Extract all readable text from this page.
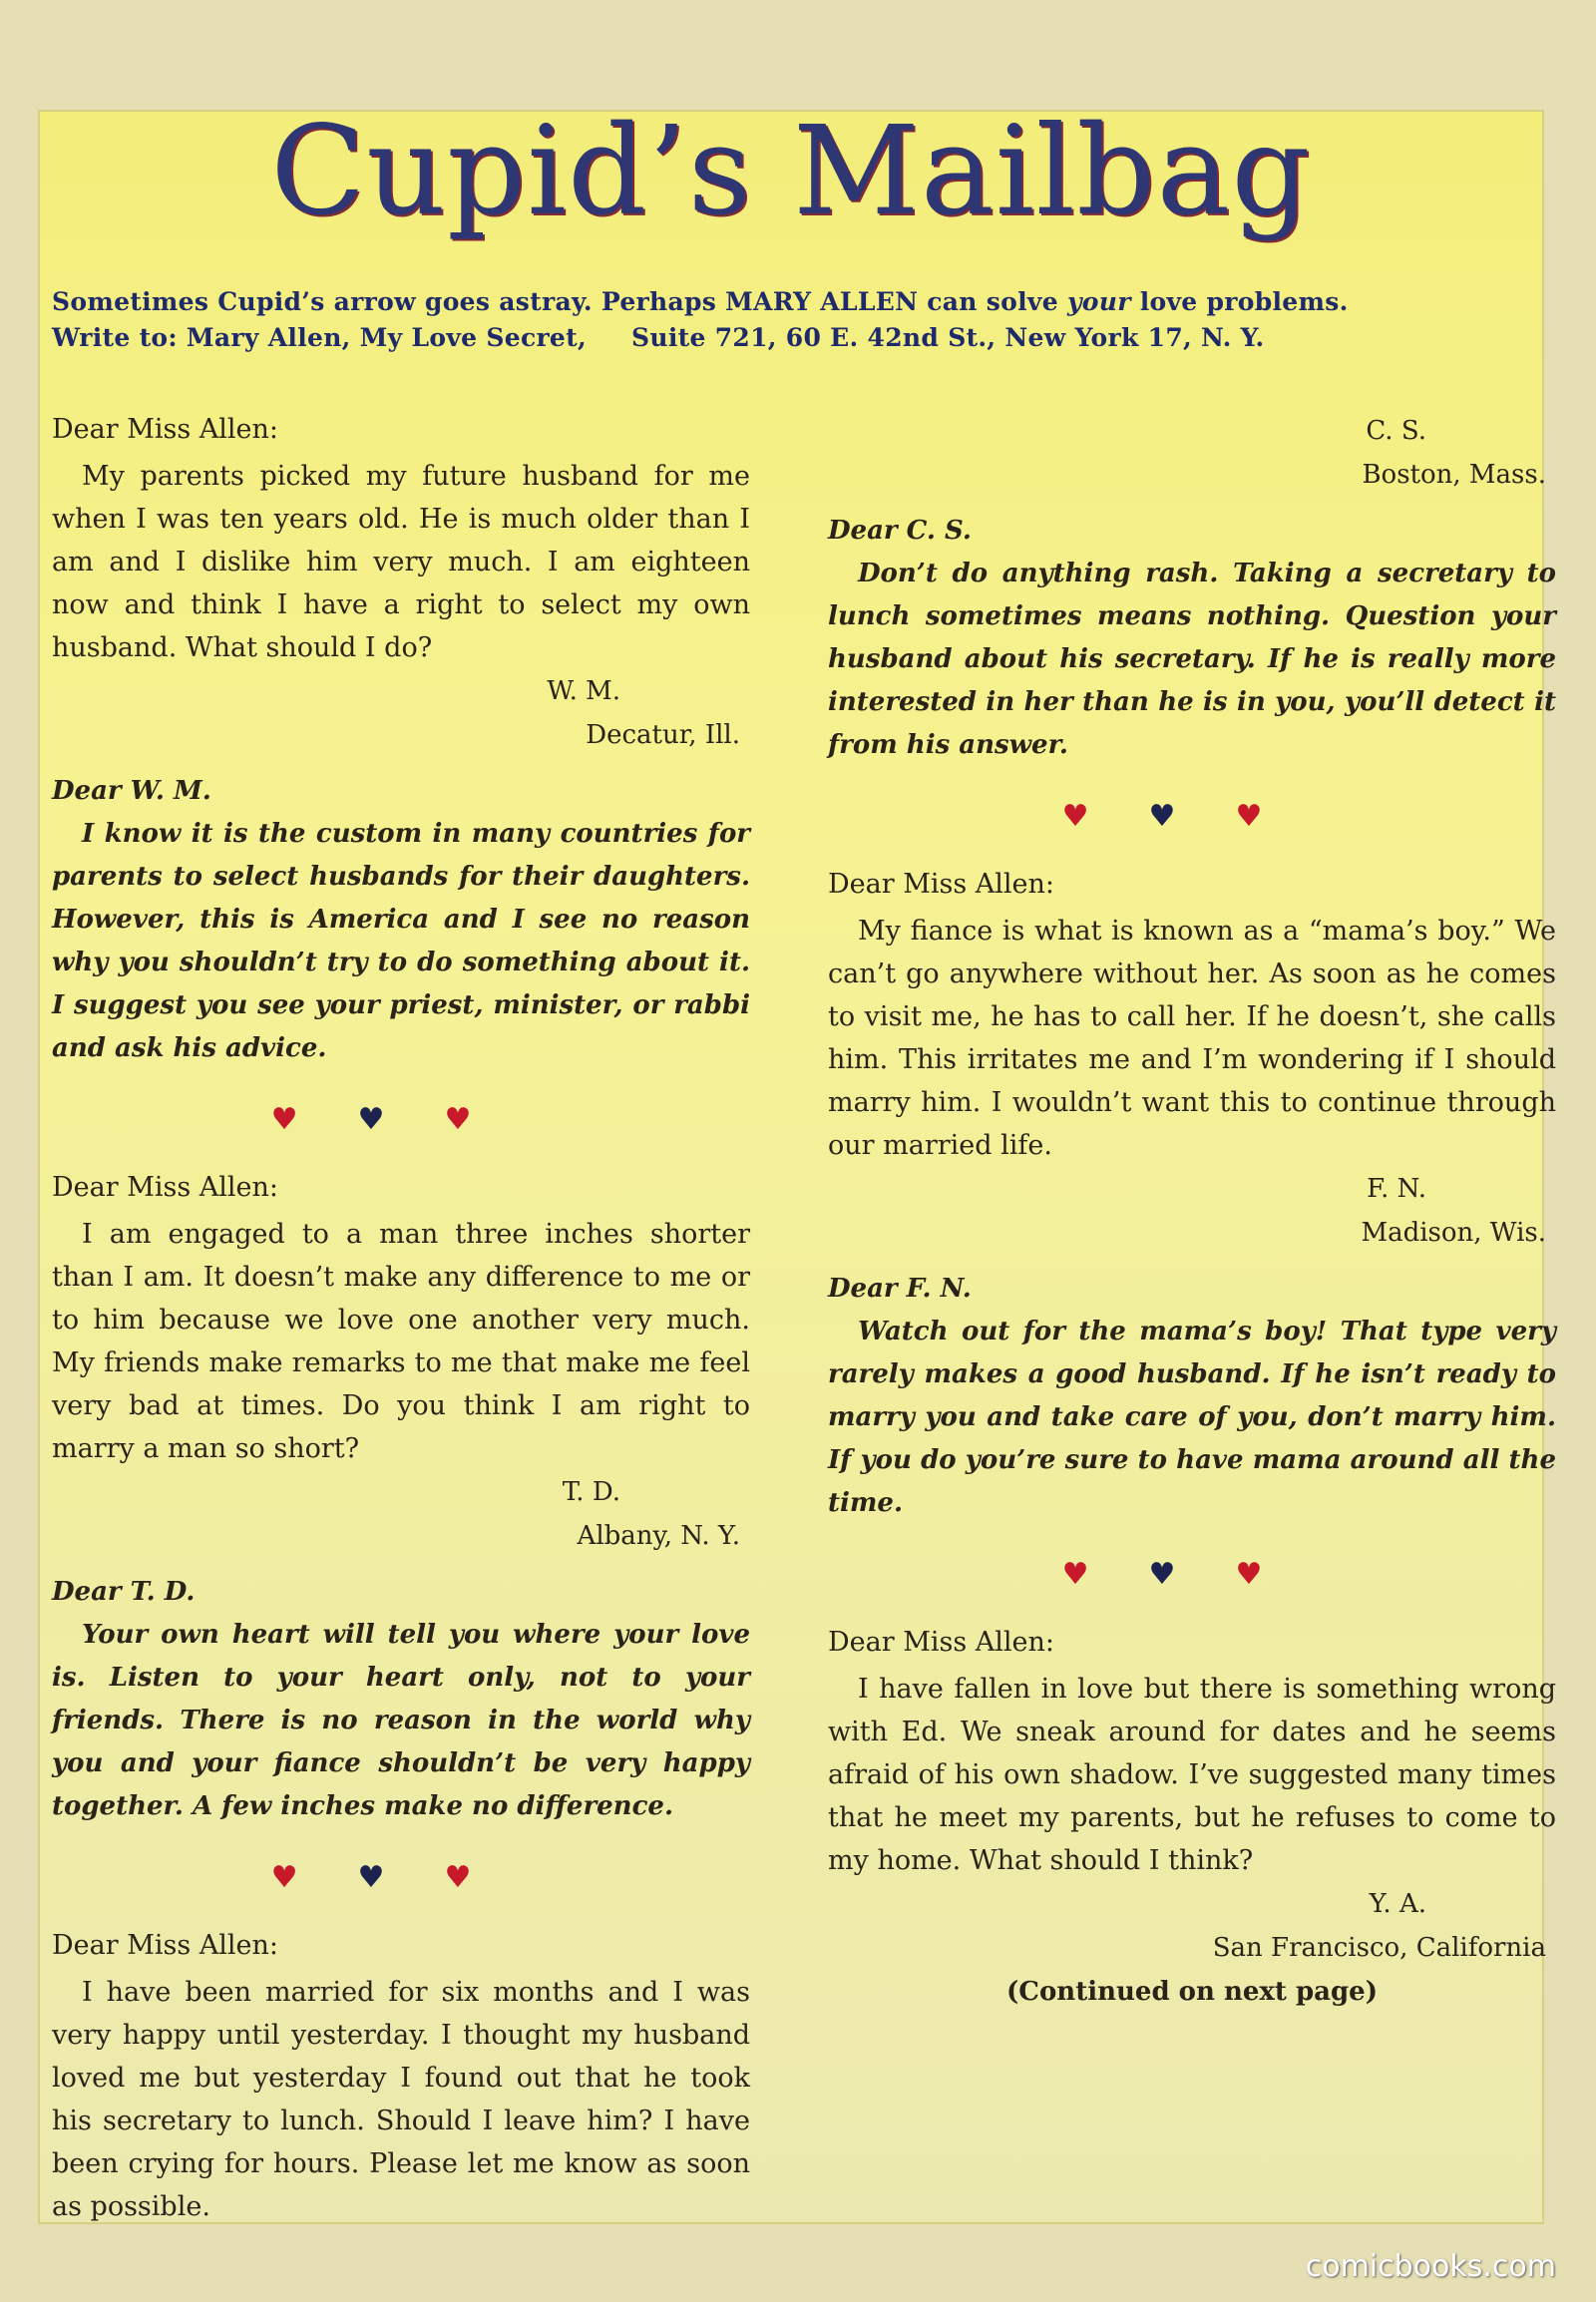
Cupid’s Mailbag
Sometimes Cupid’s arrow goes astray. Perhaps MARY ALLEN can solve your love problems.
Write to: Mary Allen, My Love Secret,     Suite 721, 60 E. 42nd St., New York 17, N. Y.
Dear Miss Allen:

My parents picked my future husband for me when I was ten years old. He is much older than I am and I dislike him very much. I am eighteen now and think I have a right to select my own husband. What should I do?

W. M.
Decatur, Ill.
Dear W. M.

I know it is the custom in many countries for parents to select husbands for their daughters. However, this is America and I see no reason why you shouldn’t try to do something about it. I suggest you see your priest, minister, or rabbi and ask his advice.

♥♥♥
Dear Miss Allen:

I am engaged to a man three inches shorter than I am. It doesn’t make any difference to me or to him because we love one another very much. My friends make remarks to me that make me feel very bad at times. Do you think I am right to marry a man so short?

T. D.
Albany, N. Y.
Dear T. D.

Your own heart will tell you where your love is. Listen to your heart only, not to your friends. There is no reason in the world why you and your fiance shouldn’t be very happy together. A few inches make no difference.

♥♥♥
Dear Miss Allen:

I have been married for six months and I was very happy until yesterday. I thought my husband loved me but yesterday I found out that he took his secretary to lunch. Should I leave him? I have been crying for hours. Please let me know as soon as possible.

C. S.
Boston, Mass.
Dear C. S.

Don’t do anything rash. Taking a secretary to lunch sometimes means nothing. Question your husband about his secretary. If he is really more interested in her than he is in you, you’ll detect it from his answer.

♥♥♥
Dear Miss Allen:

My fiance is what is known as a “mama’s boy.” We can’t go anywhere without her. As soon as he comes to visit me, he has to call her. If he doesn’t, she calls him. This irritates me and I’m wondering if I should marry him. I wouldn’t want this to continue through our married life.

F. N.
Madison, Wis.
Dear F. N.

Watch out for the mama’s boy! That type very rarely makes a good husband. If he isn’t ready to marry you and take care of you, don’t marry him. If you do you’re sure to have mama around all the time.

♥♥♥
Dear Miss Allen:

I have fallen in love but there is something wrong with Ed. We sneak around for dates and he seems afraid of his own shadow. I’ve suggested many times that he meet my parents, but he refuses to come to my home. What should I think?

Y. A.
San Francisco, California
(Continued on next page)
comicbooks.com
